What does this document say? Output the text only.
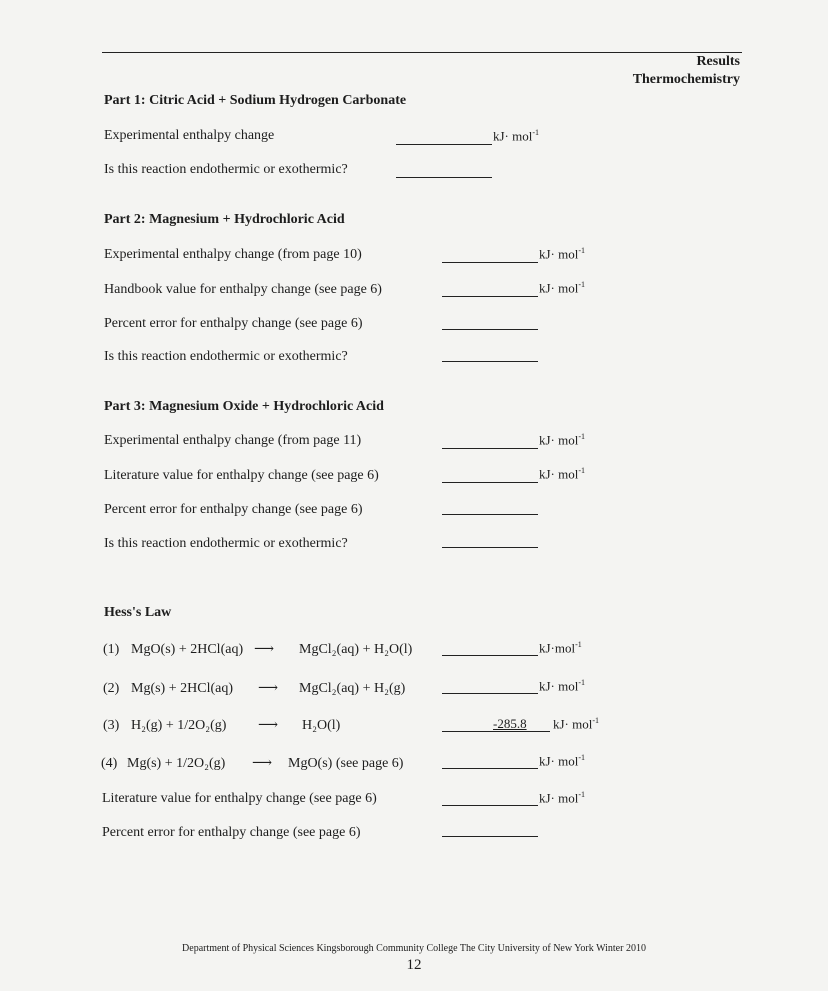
Results
Thermochemistry
Part 1: Citric Acid + Sodium Hydrogen Carbonate
Experimental enthalpy change	kJ· mol$^{-1}$
Is this reaction endothermic or exothermic?
Part 2: Magnesium + Hydrochloric Acid
Experimental enthalpy change (from page 10)	kJ· mol$^{-1}$
Handbook value for enthalpy change (see page 6)	kJ· mol$^{-1}$
Percent error for enthalpy change (see page 6)
Is this reaction endothermic or exothermic?
Part 3: Magnesium Oxide + Hydrochloric Acid
Experimental enthalpy change (from page 11)	kJ· mol$^{-1}$
Literature value for enthalpy change (see page 6)	kJ· mol$^{-1}$
Percent error for enthalpy change (see page 6)
Is this reaction endothermic or exothermic?
Hess's Law
(1) MgO(s) + 2HCl(aq) ⟶ MgCl₂(aq) + H₂O(l)	kJ·mol$^{-1}$
(2) Mg(s) + 2HCl(aq) ⟶ MgCl₂(aq) + H₂(g)	kJ· mol$^{-1}$
(3) H₂(g) + 1/2O₂(g) ⟶ H₂O(l)	-285.8 kJ· mol$^{-1}$
(4) Mg(s) + 1/2O₂(g) ⟶ MgO(s) (see page 6)	kJ· mol$^{-1}$
Literature value for enthalpy change (see page 6)	kJ· mol$^{-1}$
Percent error for enthalpy change (see page 6)
Department of Physical Sciences Kingsborough Community College The City University of New York Winter 2010
12
